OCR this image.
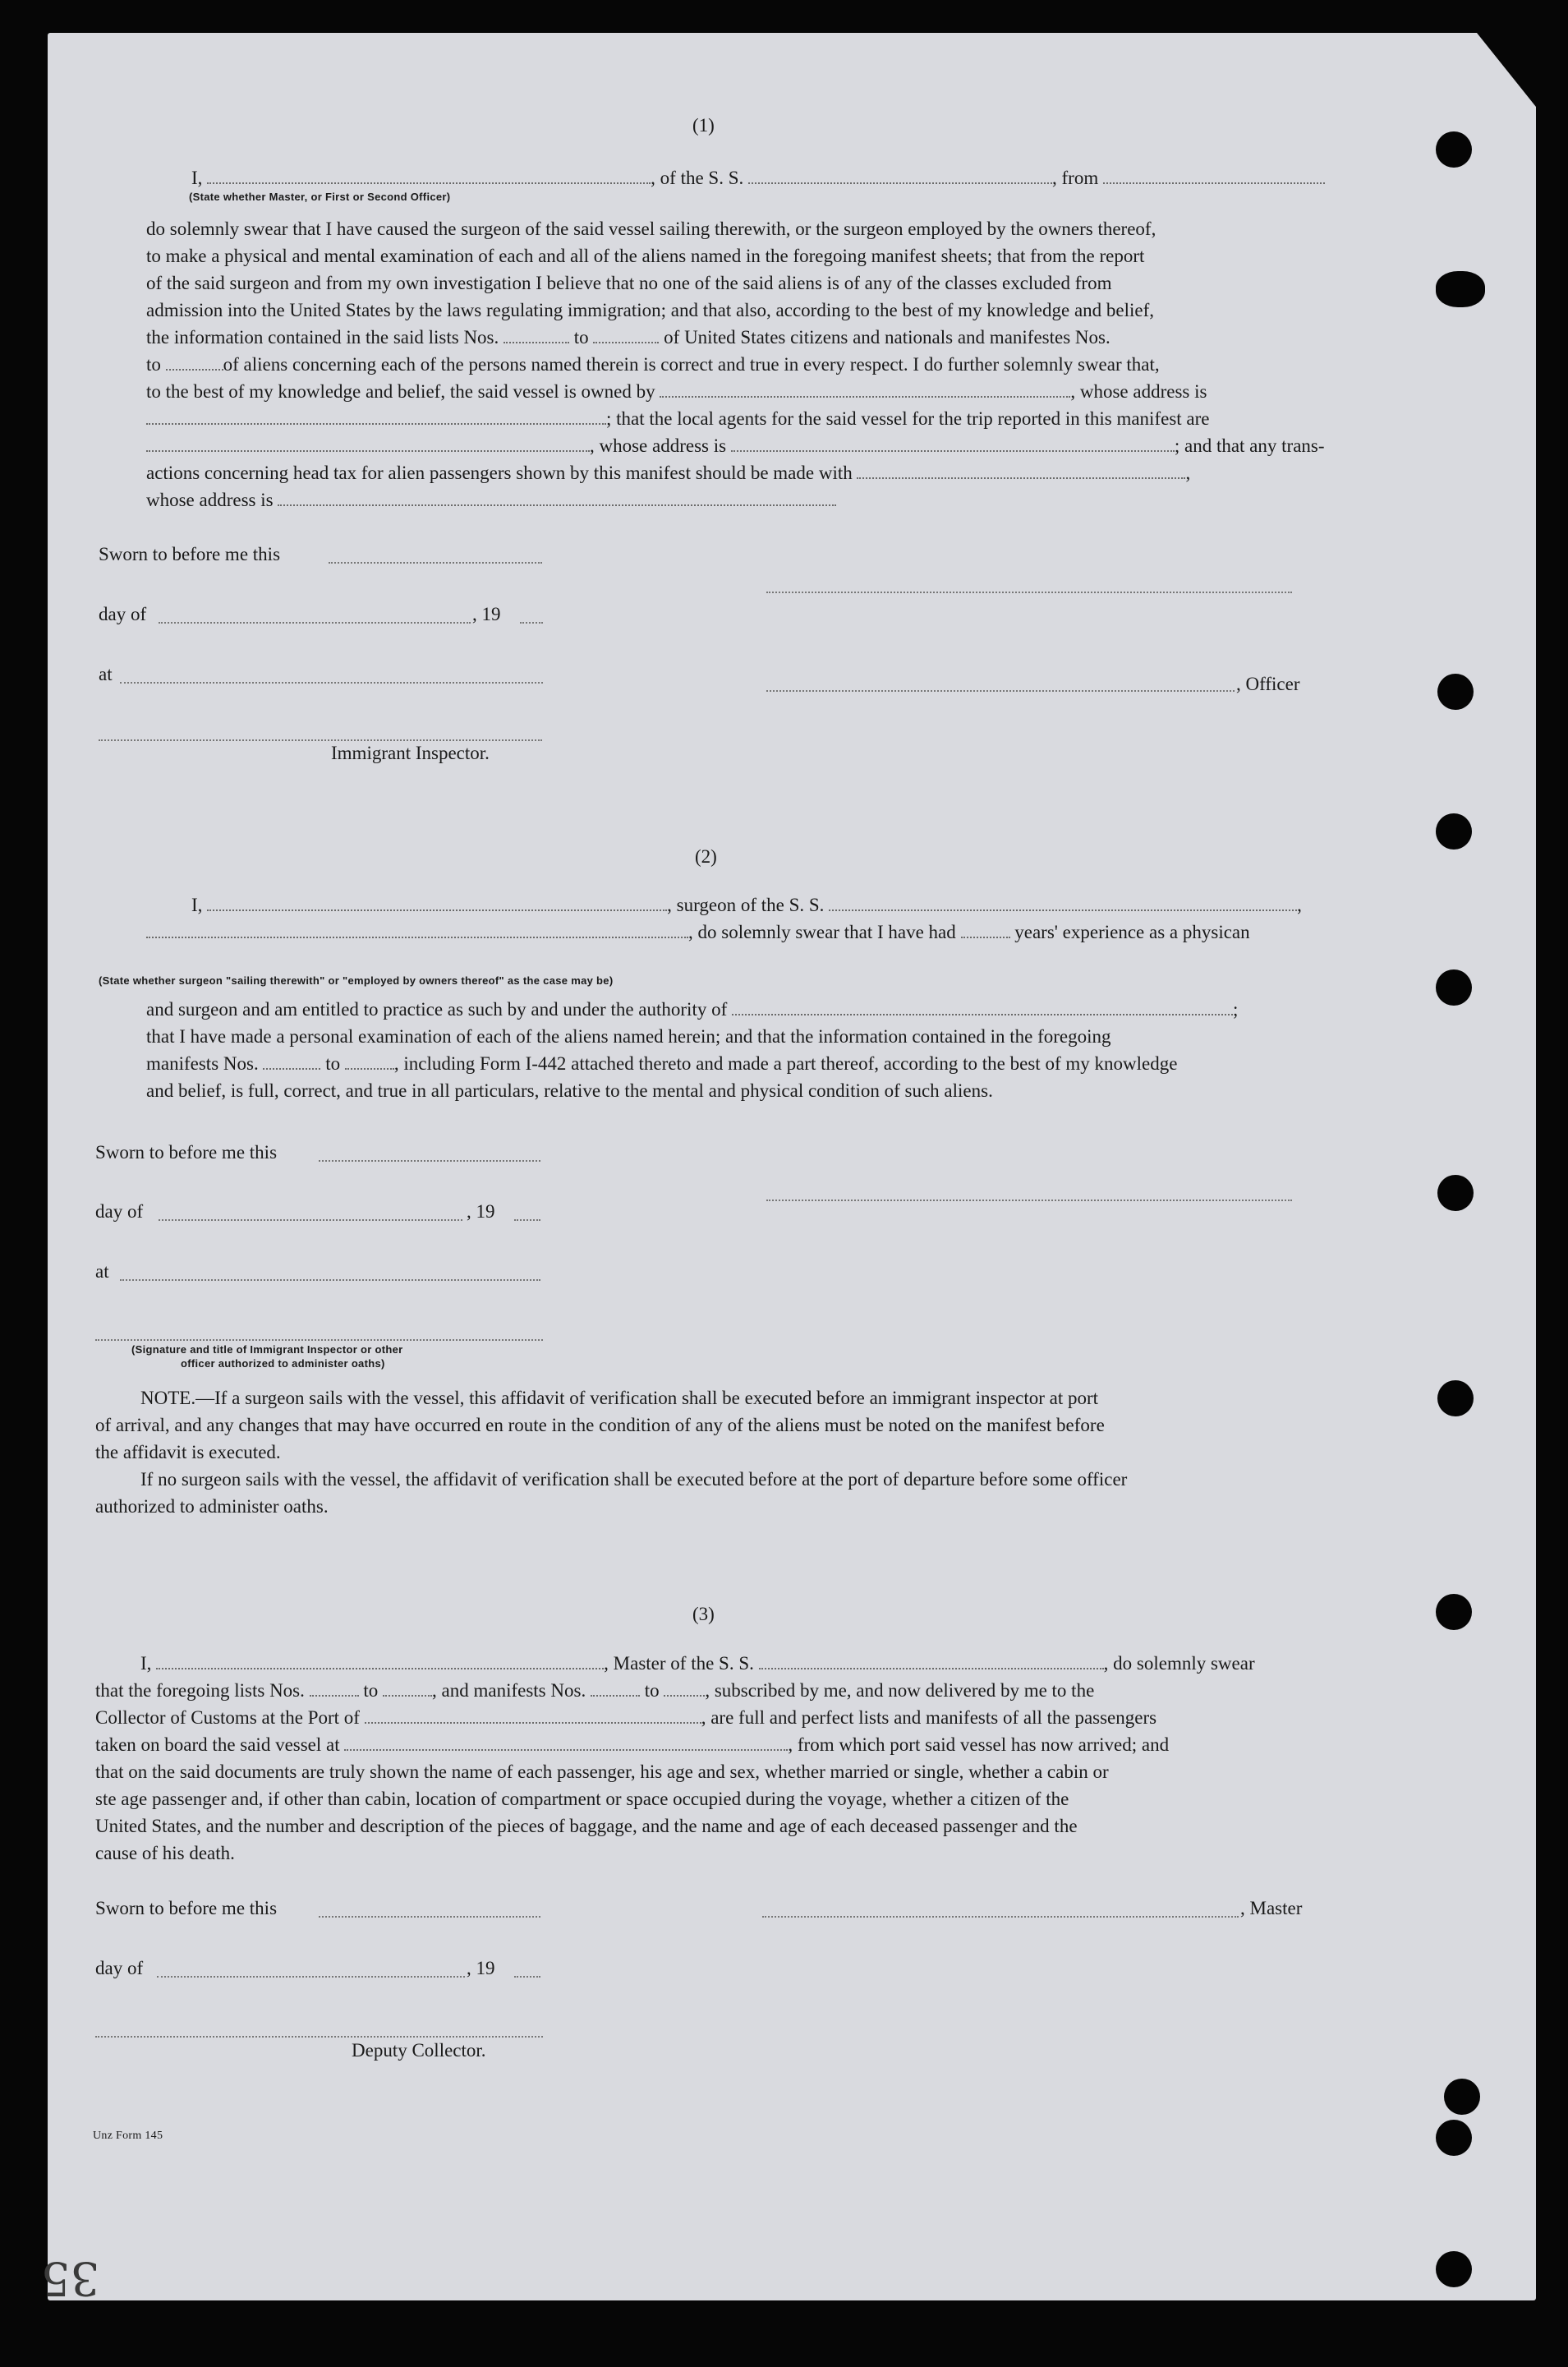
(1)
I,	, of the S. S.	, from
(State whether Master, or First or Second Officer)
do solemnly swear that I have caused the surgeon of the said vessel sailing therewith, or the surgeon employed by the owners thereof,
to make a physical and mental examination of each and all of the aliens named in the foregoing manifest sheets; that from the report
of the said surgeon and from my own investigation I believe that no one of the said aliens is of any of the classes excluded from
admission into the United States by the laws regulating immigration; and that also, according to the best of my knowledge and belief,
the information contained in the said lists Nos.	to	of United States citizens and nationals and manifestes Nos.
to	of aliens concerning each of the persons named therein is correct and true in every respect. I do further solemnly swear that,
to the best of my knowledge and belief, the said vessel is owned by	, whose address is
; that the local agents for the said vessel for the trip reported in this manifest are
, whose address is	; and that any trans-
actions concerning head tax for alien passengers shown by this manifest should be made with	,
whose address is
Sworn to before me this
day of	, 19
at	, Officer
Immigrant Inspector.
(2)
I,	, surgeon of the S. S.	,
, do solemnly swear that I have had	years' experience as a physican
(State whether surgeon "sailing therewith" or "employed by owners thereof" as the case may be)
and surgeon and am entitled to practice as such by and under the authority of	;
that I have made a personal examination of each of the aliens named herein; and that the information contained in the foregoing
manifests Nos.	to	, including Form I-442 attached thereto and made a part thereof, according to the best of my knowledge
and belief, is full, correct, and true in all particulars, relative to the mental and physical condition of such aliens.
Sworn to before me this
day of	, 19
at
(Signature and title of Immigrant Inspector or other
officer authorized to administer oaths)
NOTE.—If a surgeon sails with the vessel, this affidavit of verification shall be executed before an immigrant inspector at port
of arrival, and any changes that may have occurred en route in the condition of any of the aliens must be noted on the manifest before
the affidavit is executed.
If no surgeon sails with the vessel, the affidavit of verification shall be executed before at the port of departure before some officer
authorized to administer oaths.
(3)
I,	, Master of the S. S.	, do solemnly swear
that the foregoing lists Nos.	to	, and manifests Nos.	to , subscribed by me, and now delivered by me to the
Collector of Customs at the Port of	, are full and perfect lists and manifests of all the passengers
taken on board the said vessel at	, from which port said vessel has now arrived; and
that on the said documents are truly shown the name of each passenger, his age and sex, whether married or single, whether a cabin or
ste age passenger and, if other than cabin, location of compartment or space occupied during the voyage, whether a citizen of the
United States, and the number and description of the pieces of baggage, and the name and age of each deceased passenger and the
cause of his death.
Sworn to before me this	, Master
day of	, 19
Deputy Collector.
Unz Form 145
35
